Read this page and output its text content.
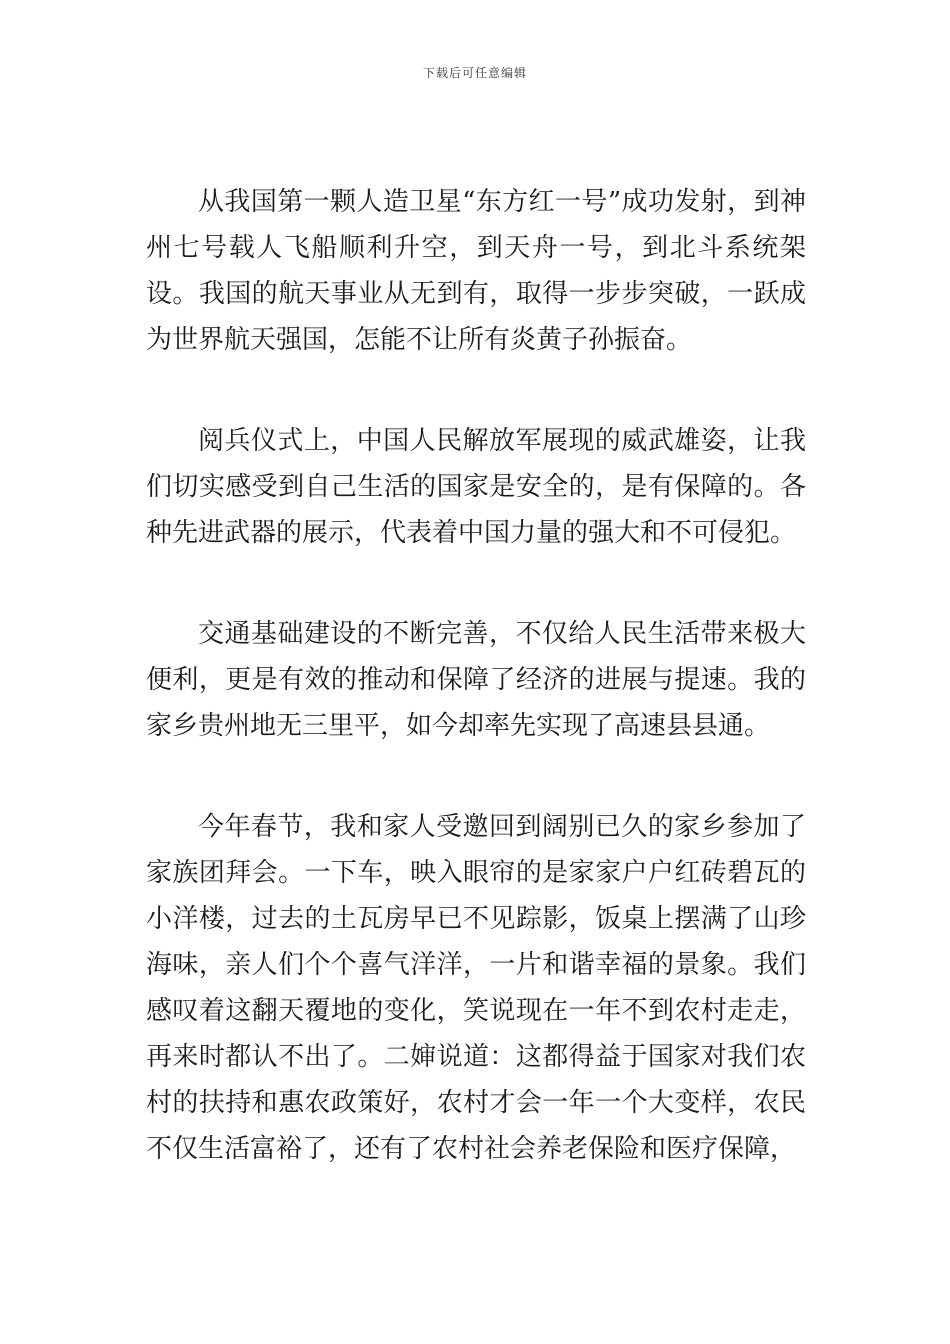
下载后可任意编辑

从我国第一颗人造卫星“东方红一号”成功发射，到神州七号载人飞船顺利升空，到天舟一号，到北斗系统架设。我国的航天事业从无到有，取得一步步突破，一跃成为世界航天强国，怎能不让所有炎黄子孙振奋。

阅兵仪式上，中国人民解放军展现的威武雄姿，让我们切实感受到自己生活的国家是安全的，是有保障的。各种先进武器的展示，代表着中国力量的强大和不可侵犯。

交通基础建设的不断完善，不仅给人民生活带来极大便利，更是有效的推动和保障了经济的进展与提速。我的家乡贵州地无三里平，如今却率先实现了高速县县通。

今年春节，我和家人受邀回到阔别已久的家乡参加了家族团拜会。一下车，映入眼帘的是家家户户红砖碧瓦的小洋楼，过去的土瓦房早已不见踪影，饭桌上摆满了山珍海味，亲人们个个喜气洋洋，一片和谐幸福的景象。我们感叹着这翻天覆地的变化，笑说现在一年不到农村走走，再来时都认不出了。二婶说道：这都得益于国家对我们农村的扶持和惠农政策好，农村才会一年一个大变样，农民不仅生活富裕了，还有了农村社会养老保险和医疗保障，
